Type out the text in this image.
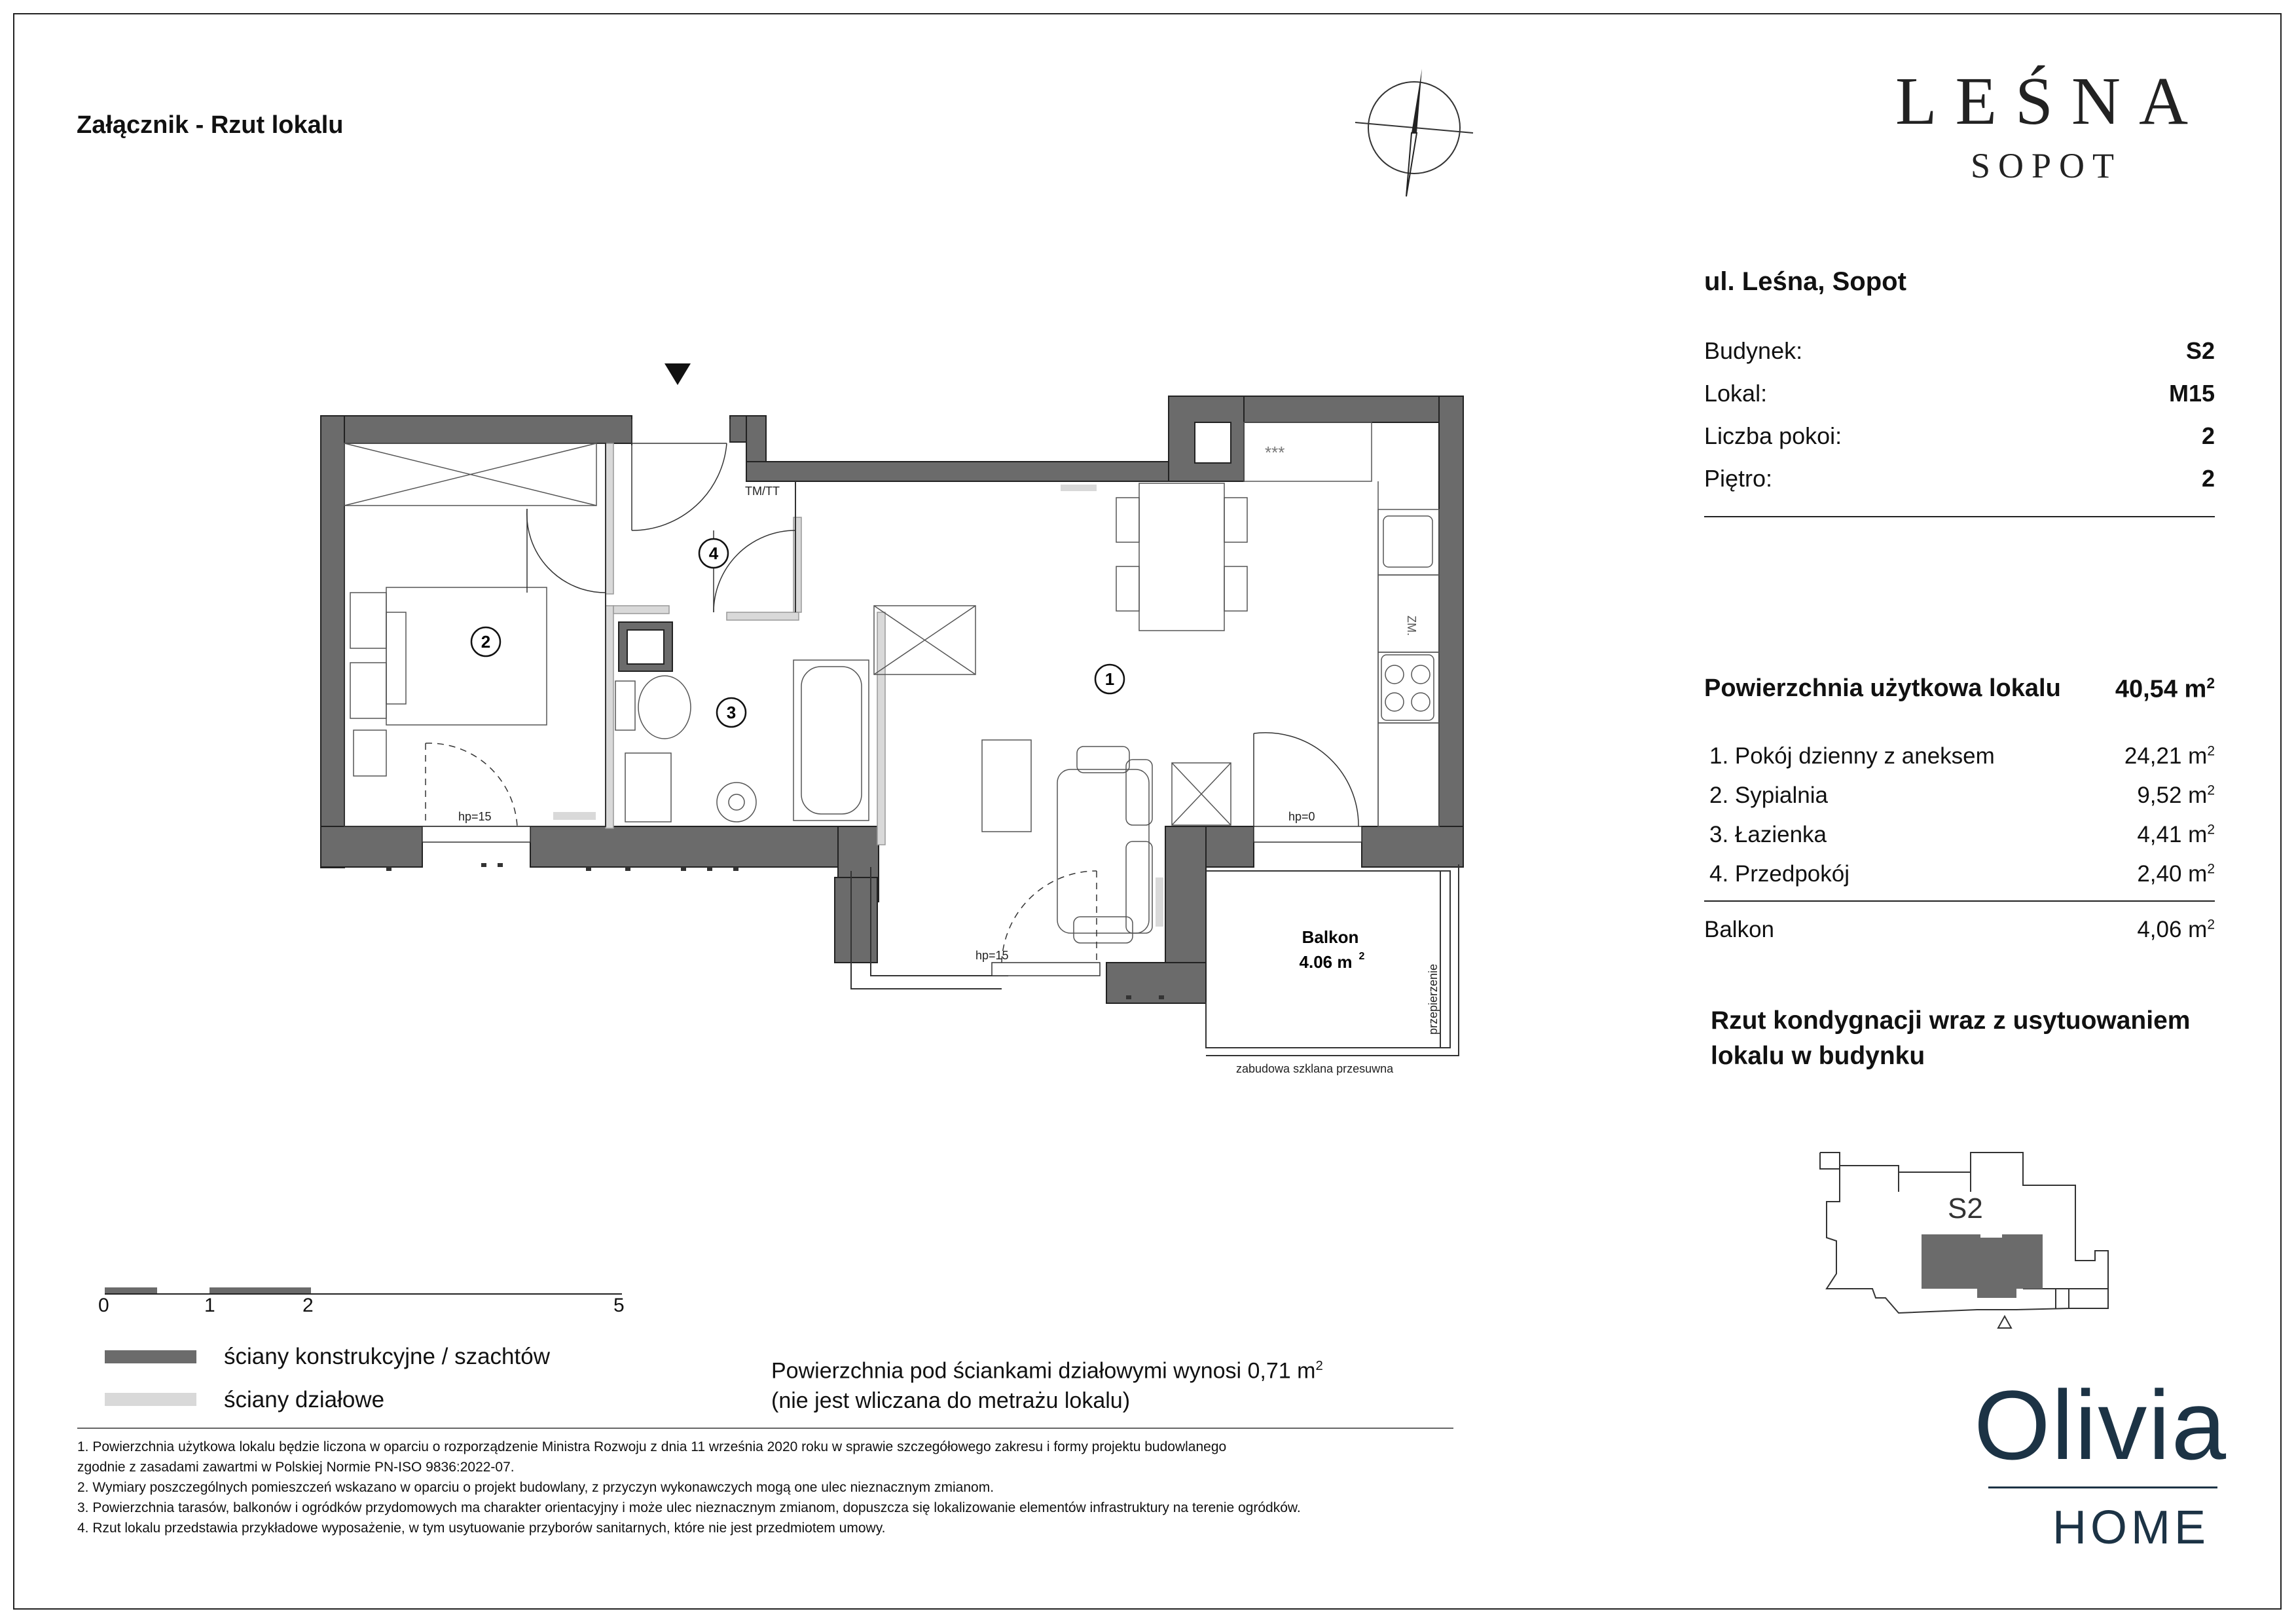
Załącznik - Rzut lokalu	LEŚNA
SOPOT
ul. Leśna, Sopot
Budynek:	S2
Lokal:	M15
Liczba pokoi:	2
Piętro:	2
Powierzchnia użytkowa lokalu 40,54 $m^2$
1. Pokój dzienny z aneksem	24,21 $m^2$
2. Sypialnia	9,52 $m^2$
3. Łazienka	4,41 $m^2$
4. Przedpokój	2,40 $m^2$
Balkon	4,06 $m^2$
Rzut kondygnacji wraz z usytuowaniem
lokalu w budynku
S2
1
2
3
4
hp=15	hp=0
hp=15
TM/TT
***
ZM.
zabudowa szklana przesuwna
przepierzenie
Balkon
4.06 m 2
0	1	2	5
ściany konstrukcyjne / szachtów
ściany działowe
Powierzchnia pod ściankami działowymi wynosi 0,71 $m^2$
(nie jest wliczana do metrażu lokalu)
1. Powierzchnia użytkowa lokalu będzie liczona w oparciu o rozporządzenie Ministra Rozwoju z dnia 11 września 2020 roku w sprawie szczegółowego zakresu i formy projektu budowlanego
zgodnie z zasadami zawartmi w Polskiej Normie PN-ISO 9836:2022-07.
2. Wymiary poszczególnych pomieszczeń wskazano w oparciu o projekt budowlany, z przyczyn wykonawczych mogą one ulec nieznacznym zmianom.
3. Powierzchnia tarasów, balkonów i ogródków przydomowych ma charakter orientacyjny i może ulec nieznacznym zmianom, dopuszcza się lokalizowanie elementów infrastruktury na terenie ogródków.
4. Rzut lokalu przedstawia przykładowe wyposażenie, w tym usytuowanie przyborów sanitarnych, które nie jest przedmiotem umowy.
Olivia
HOME
